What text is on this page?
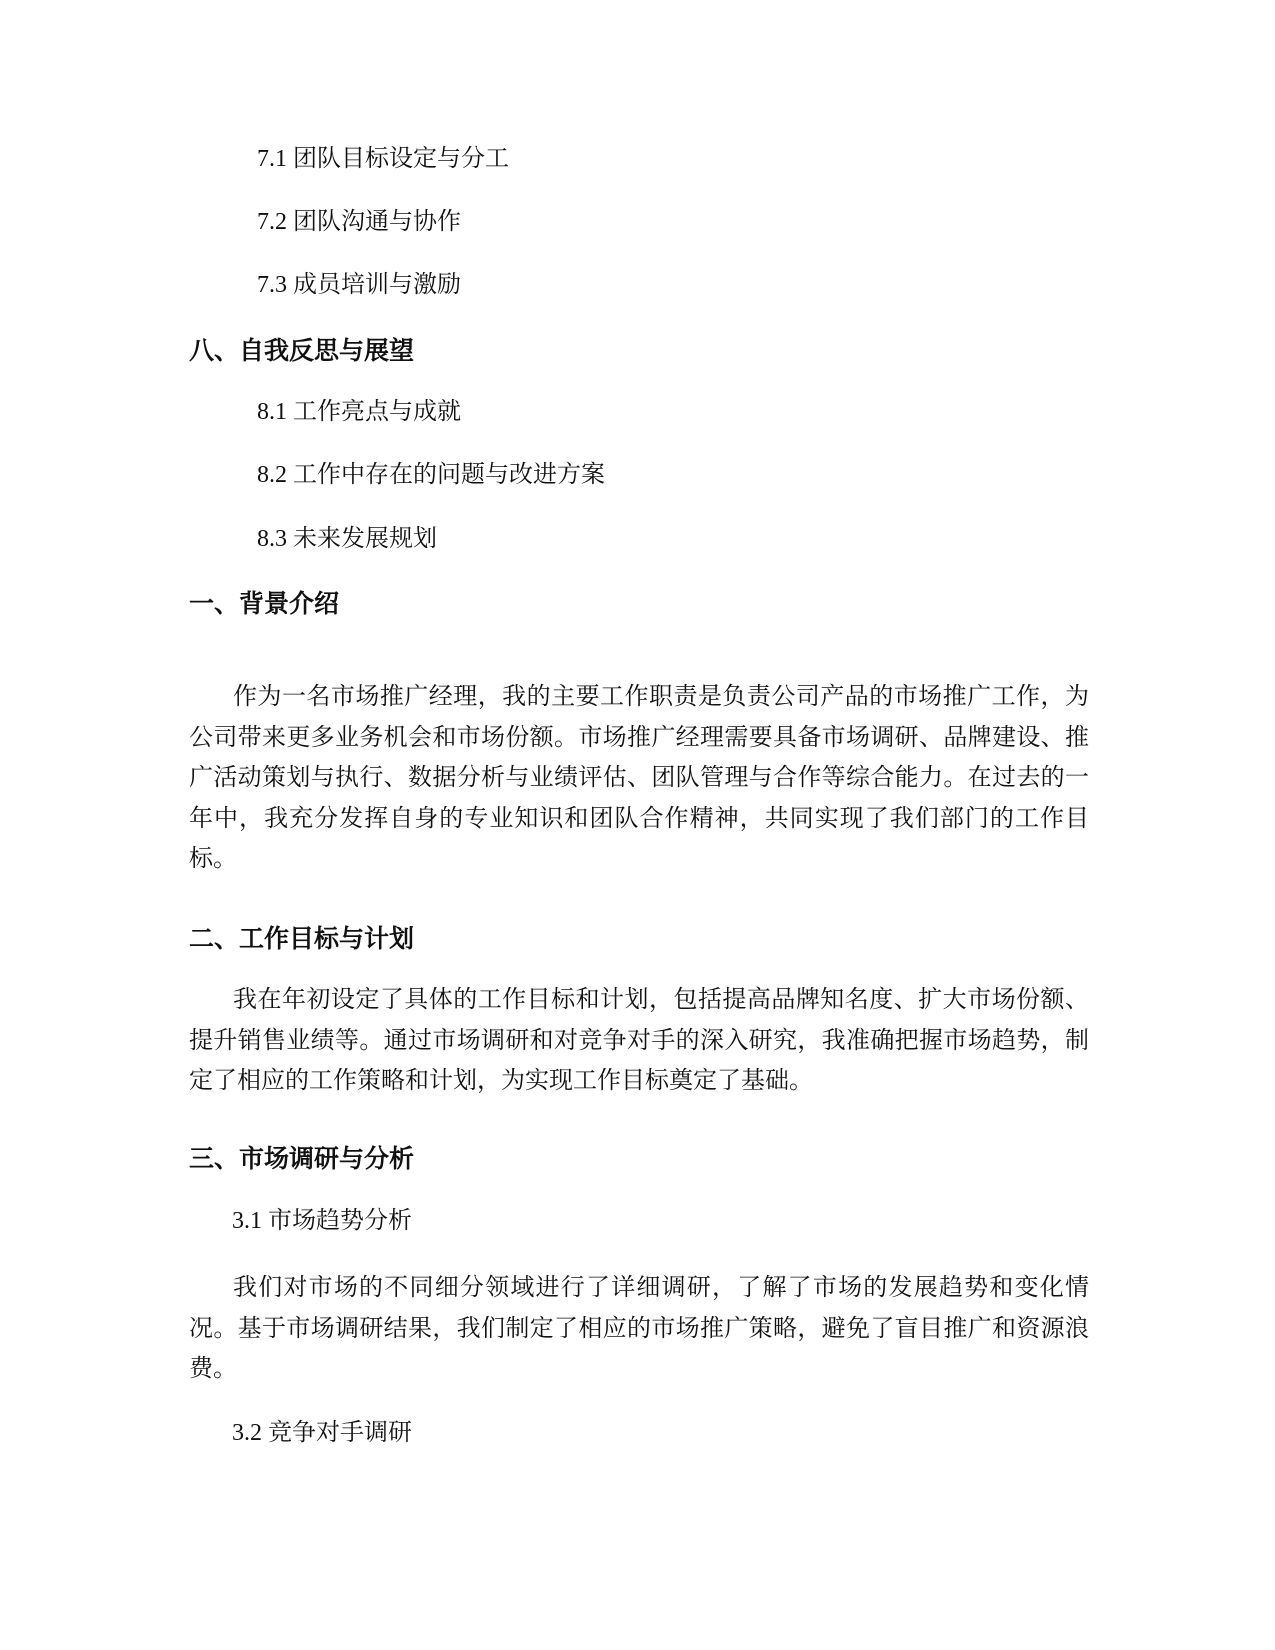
7.1 团队目标设定与分工
7.2 团队沟通与协作
7.3 成员培训与激励
八、自我反思与展望
8.1 工作亮点与成就
8.2 工作中存在的问题与改进方案
8.3 未来发展规划
一、背景介绍
作为一名市场推广经理，我的主要工作职责是负责公司产品的市场推广工作，为公司带来更多业务机会和市场份额。市场推广经理需要具备市场调研、品牌建设、推广活动策划与执行、数据分析与业绩评估、团队管理与合作等综合能力。在过去的一年中，我充分发挥自身的专业知识和团队合作精神，共同实现了我们部门的工作目标。
二、工作目标与计划
我在年初设定了具体的工作目标和计划，包括提高品牌知名度、扩大市场份额、提升销售业绩等。通过市场调研和对竞争对手的深入研究，我准确把握市场趋势，制定了相应的工作策略和计划，为实现工作目标奠定了基础。
三、市场调研与分析
3.1 市场趋势分析
我们对市场的不同细分领域进行了详细调研，了解了市场的发展趋势和变化情况。基于市场调研结果，我们制定了相应的市场推广策略，避免了盲目推广和资源浪费。
3.2 竞争对手调研
